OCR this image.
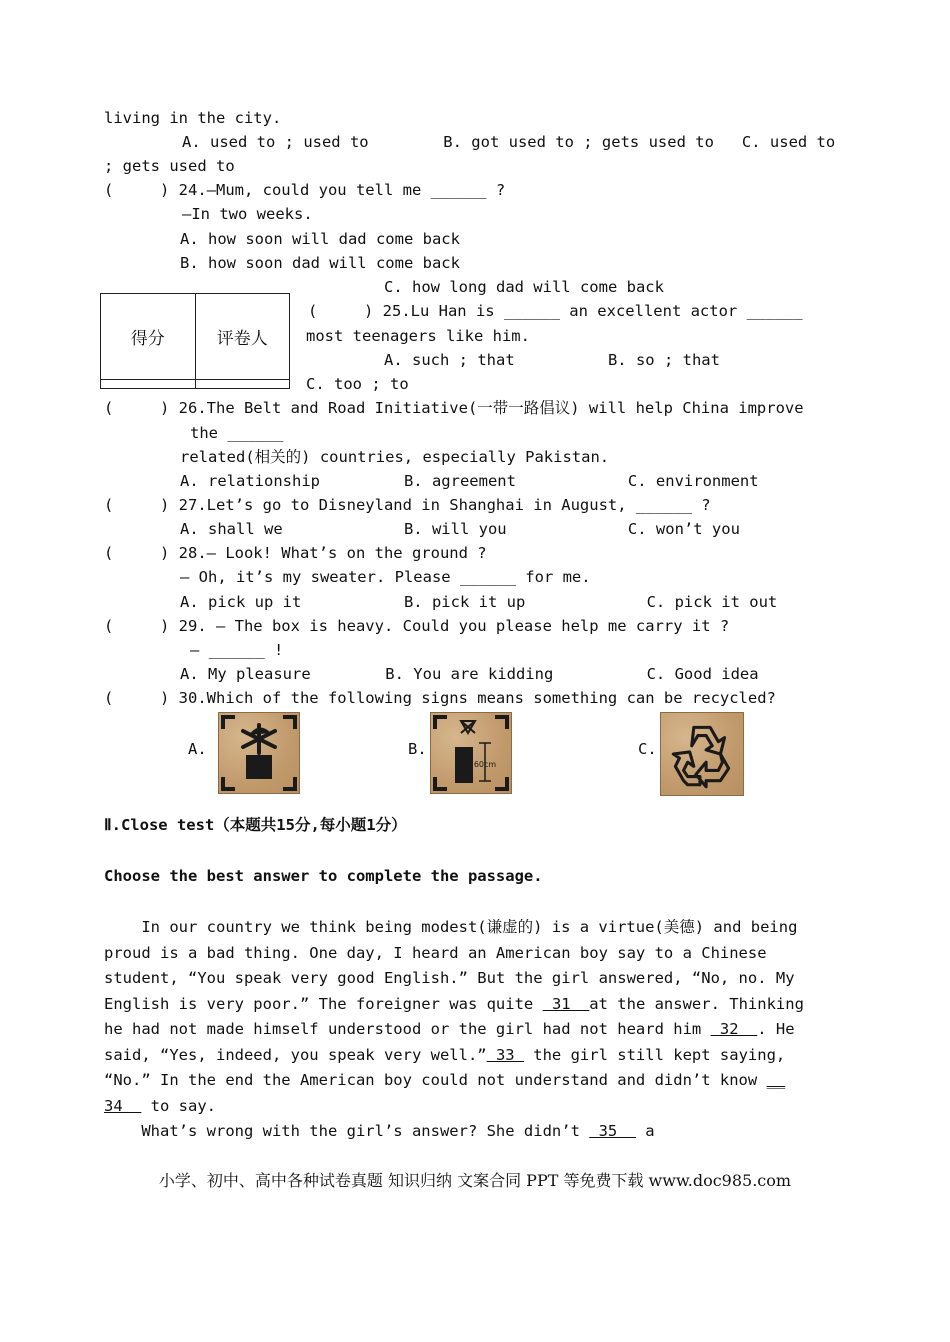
living in the city.
A. used to ; used to        B. got used to ; gets used to   C. used to
; gets used to
(     ) 24.—Mum, could you tell me ______ ?
—In two weeks.
A. how soon will dad come back
B. how soon dad will come back
C. how long dad will come back
得分	评卷人

(     ) 25.Lu Han is ______ an excellent actor ______
most teenagers like him.
A. such ; that          B. so ; that
C. too ; to
(     ) 26.The Belt and Road Initiative(一带一路倡议) will help China improve
the ______
related(相关的) countries, especially Pakistan.
A. relationship         B. agreement            C. environment
(     ) 27.Let’s go to Disneyland in Shanghai in August, ______ ?
A. shall we             B. will you             C. won’t you
(     ) 28.— Look! What’s on the ground ?
— Oh, it’s my sweater. Please ______ for me.
A. pick up it           B. pick it up             C. pick it out
(     ) 29. — The box is heavy. Could you please help me carry it ?
— ______ !
A. My pleasure        B. You are kidding          C. Good idea
(     ) 30.Which of the following signs means something can be recycled?
A.	B.
60cm
C.
Ⅱ.Close test（本题共15分,每小题1分）
Choose the best answer to complete the passage.
In our country we think being modest(谦虚的) is a virtue(美德) and being
proud is a bad thing. One day, I heard an American boy say to a Chinese
student, “You speak very good English.” But the girl answered, “No, no. My
English is very poor.” The foreigner was quite  31  at the answer. Thinking
he had not made himself understood or the girl had not heard him  32  . He
said, “Yes, indeed, you speak very well.” 33  the girl still kept saying,
“No.” In the end the American boy could not understand and didn’t know __
34   to say.
What’s wrong with the girl’s answer? She didn’t  35   a
小学、初中、高中各种试卷真题 知识归纳 文案合同 PPT 等免费下载 www.doc985.com
